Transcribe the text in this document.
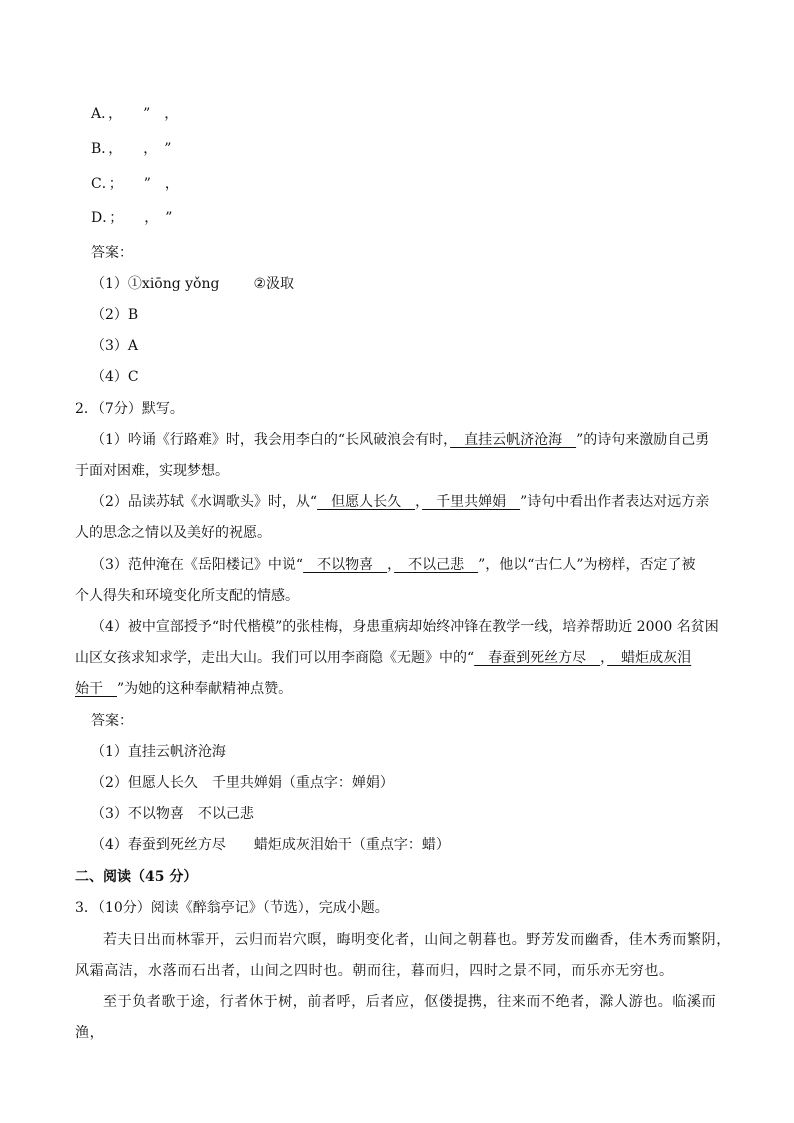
A．，　　”　，
B．，　　，　”
C．；　　”　，
D．；　　，　”
答案：
（1）①xiōng yǒng ②汲取
（2）B
（3）A
（4）C
2．（7分）默写。
（1）吟诵《行路难》时，我会用李白的“长风破浪会有时，　直挂云帆济沧海　”的诗句来激励自己勇
于面对困难，实现梦想。
（2）品读苏轼《水调歌头》时，从“　但愿人长久　，　千里共婵娟　”诗句中看出作者表达对远方亲
人的思念之情以及美好的祝愿。
（3）范仲淹在《岳阳楼记》中说“　不以物喜　，　不以己悲　”，他以“古仁人”为榜样，否定了被
个人得失和环境变化所支配的情感。
（4）被中宣部授予“时代楷模”的张桂梅，身患重病却始终冲锋在教学一线，培养帮助近 2000 名贫困
山区女孩求知求学，走出大山。我们可以用李商隐《无题》中的“　春蚕到死丝方尽　，　蜡炬成灰泪
始干　”为她的这种奉献精神点赞。
答案：
（1）直挂云帆济沧海
（2）但愿人长久　千里共婵娟（重点字：婵娟）
（3）不以物喜　不以己悲
（4）春蚕到死丝方尽　　蜡炬成灰泪始干（重点字：蜡）
二、阅读（45 分）
3．（10分）阅读《醉翁亭记》（节选），完成小题。
若夫日出而林霏开，云归而岩穴暝，晦明变化者，山间之朝暮也。野芳发而幽香，佳木秀而繁阴，风霜高洁，水落而石出者，山间之四时也。朝而往，暮而归，四时之景不同，而乐亦无穷也。
至于负者歌于途，行者休于树，前者呼，后者应，伛偻提携，往来而不绝者，滁人游也。临溪而渔，
